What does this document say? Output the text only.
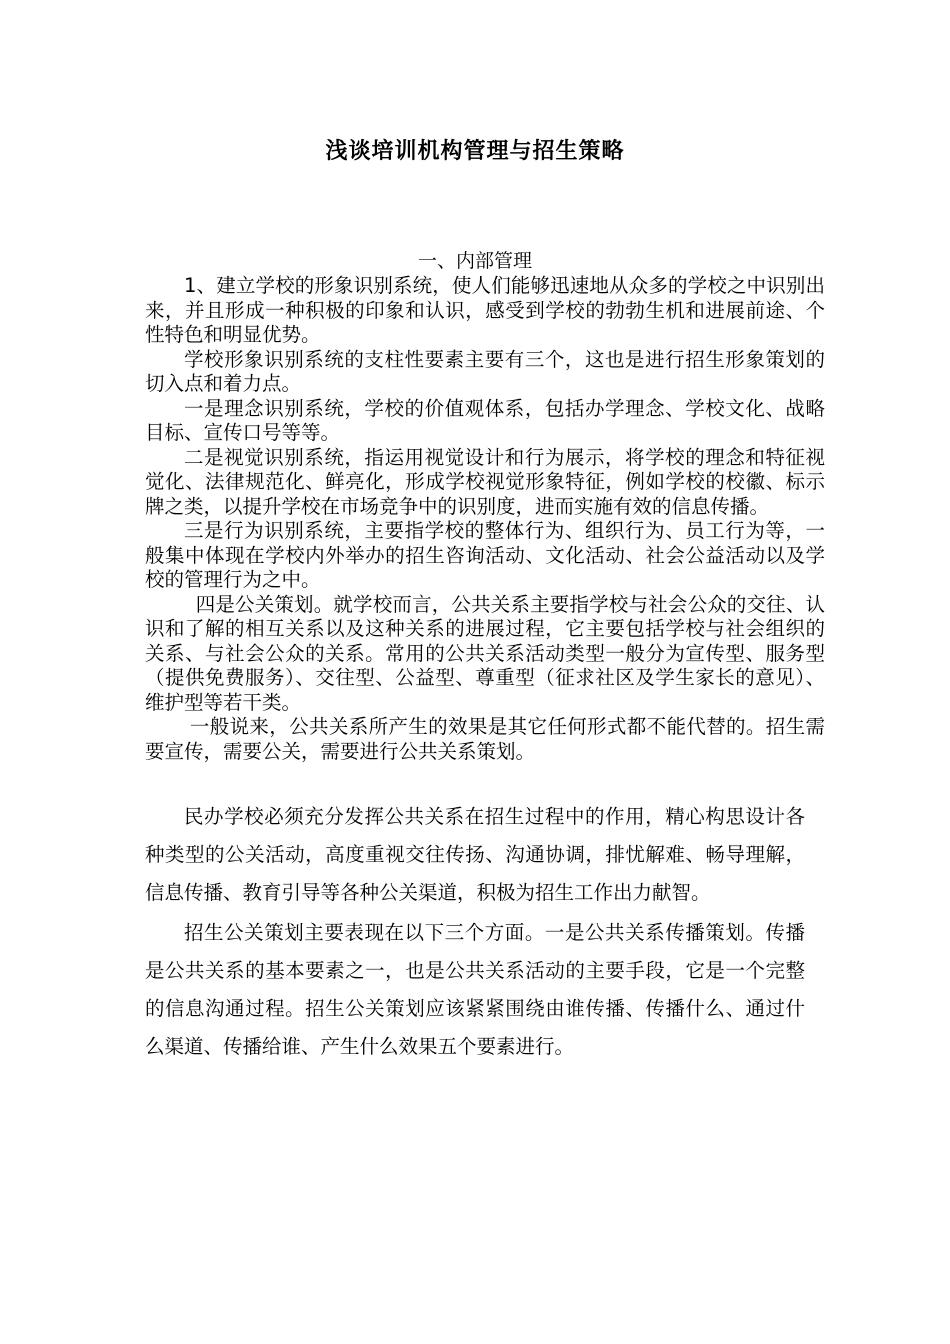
浅谈培训机构管理与招生策略
一、内部管理

1、建立学校的形象识别系统，使人们能够迅速地从众多的学校之中识别出来，并且形成一种积极的印象和认识，感受到学校的勃勃生机和进展前途、个性特色和明显优势。

学校形象识别系统的支柱性要素主要有三个，这也是进行招生形象策划的切入点和着力点。

一是理念识别系统，学校的价值观体系，包括办学理念、学校文化、战略目标、宣传口号等等。

二是视觉识别系统，指运用视觉设计和行为展示，将学校的理念和特征视觉化、法律规范化、鲜亮化，形成学校视觉形象特征，例如学校的校徽、标示牌之类，以提升学校在市场竞争中的识别度，进而实施有效的信息传播。

三是行为识别系统，主要指学校的整体行为、组织行为、员工行为等，一般集中体现在学校内外举办的招生咨询活动、文化活动、社会公益活动以及学校的管理行为之中。

四是公关策划。就学校而言，公共关系主要指学校与社会公众的交往、认识和了解的相互关系以及这种关系的进展过程，它主要包括学校与社会组织的关系、与社会公众的关系。常用的公共关系活动类型一般分为宣传型、服务型（提供免费服务）、交往型、公益型、尊重型（征求社区及学生家长的意见）、维护型等若干类。

一般说来，公共关系所产生的效果是其它任何形式都不能代替的。招生需要宣传，需要公关，需要进行公共关系策划。

民办学校必须充分发挥公共关系在招生过程中的作用，精心构思设计各种类型的公关活动，高度重视交往传扬、沟通协调，排忧解难、畅导理解，信息传播、教育引导等各种公关渠道，积极为招生工作出力献智。

招生公关策划主要表现在以下三个方面。一是公共关系传播策划。传播是公共关系的基本要素之一，也是公共关系活动的主要手段，它是一个完整的信息沟通过程。招生公关策划应该紧紧围绕由谁传播、传播什么、通过什么渠道、传播给谁、产生什么效果五个要素进行。
